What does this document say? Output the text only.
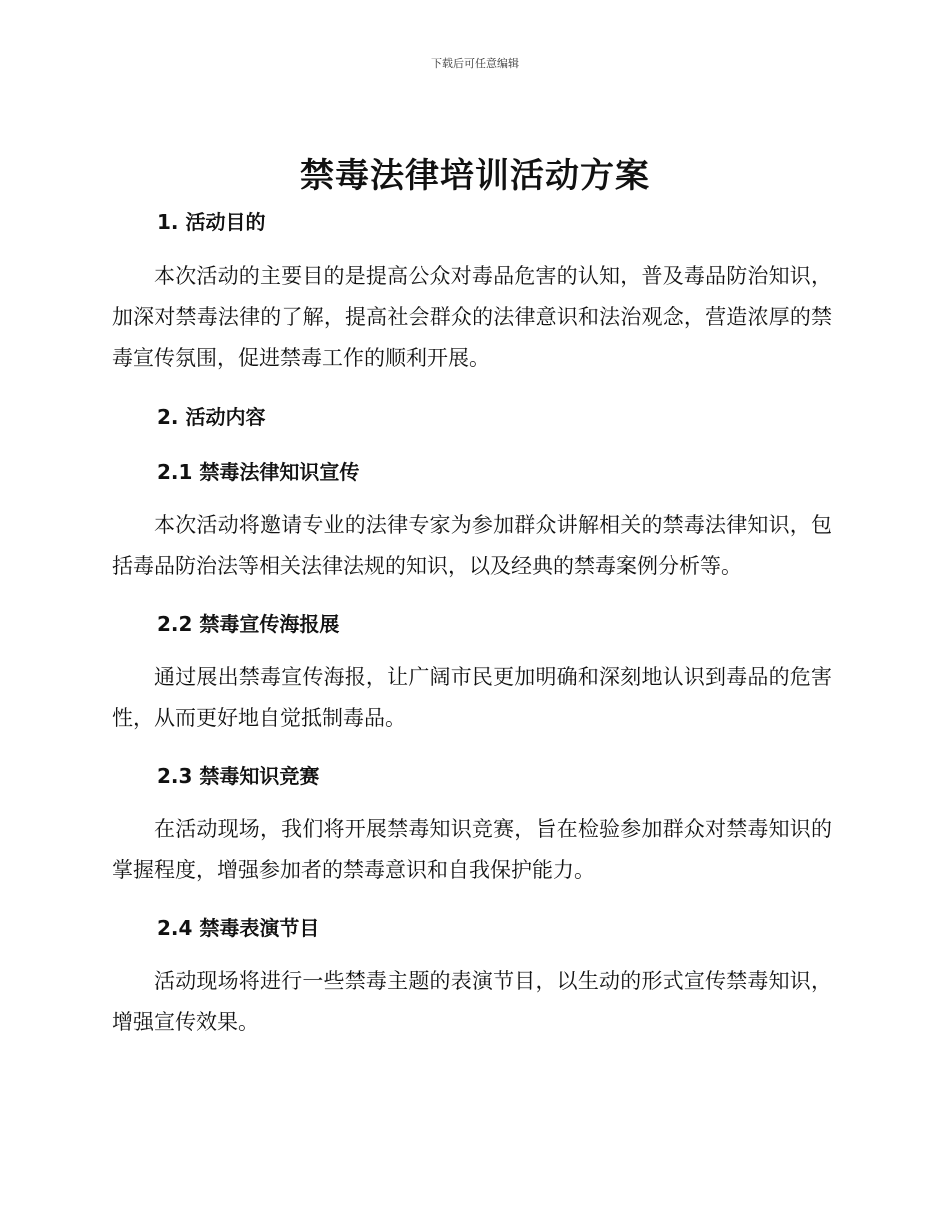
下载后可任意编辑
禁毒法律培训活动方案
1. 活动目的

本次活动的主要目的是提高公众对毒品危害的认知，普及毒品防治知识，加深对禁毒法律的了解，提高社会群众的法律意识和法治观念，营造浓厚的禁毒宣传氛围，促进禁毒工作的顺利开展。

2. 活动内容
2.1 禁毒法律知识宣传

本次活动将邀请专业的法律专家为参加群众讲解相关的禁毒法律知识，包括毒品防治法等相关法律法规的知识，以及经典的禁毒案例分析等。

2.2 禁毒宣传海报展

通过展出禁毒宣传海报，让广阔市民更加明确和深刻地认识到毒品的危害性，从而更好地自觉抵制毒品。

2.3 禁毒知识竞赛

在活动现场，我们将开展禁毒知识竞赛，旨在检验参加群众对禁毒知识的掌握程度，增强参加者的禁毒意识和自我保护能力。

2.4 禁毒表演节目

活动现场将进行一些禁毒主题的表演节目，以生动的形式宣传禁毒知识，增强宣传效果。
